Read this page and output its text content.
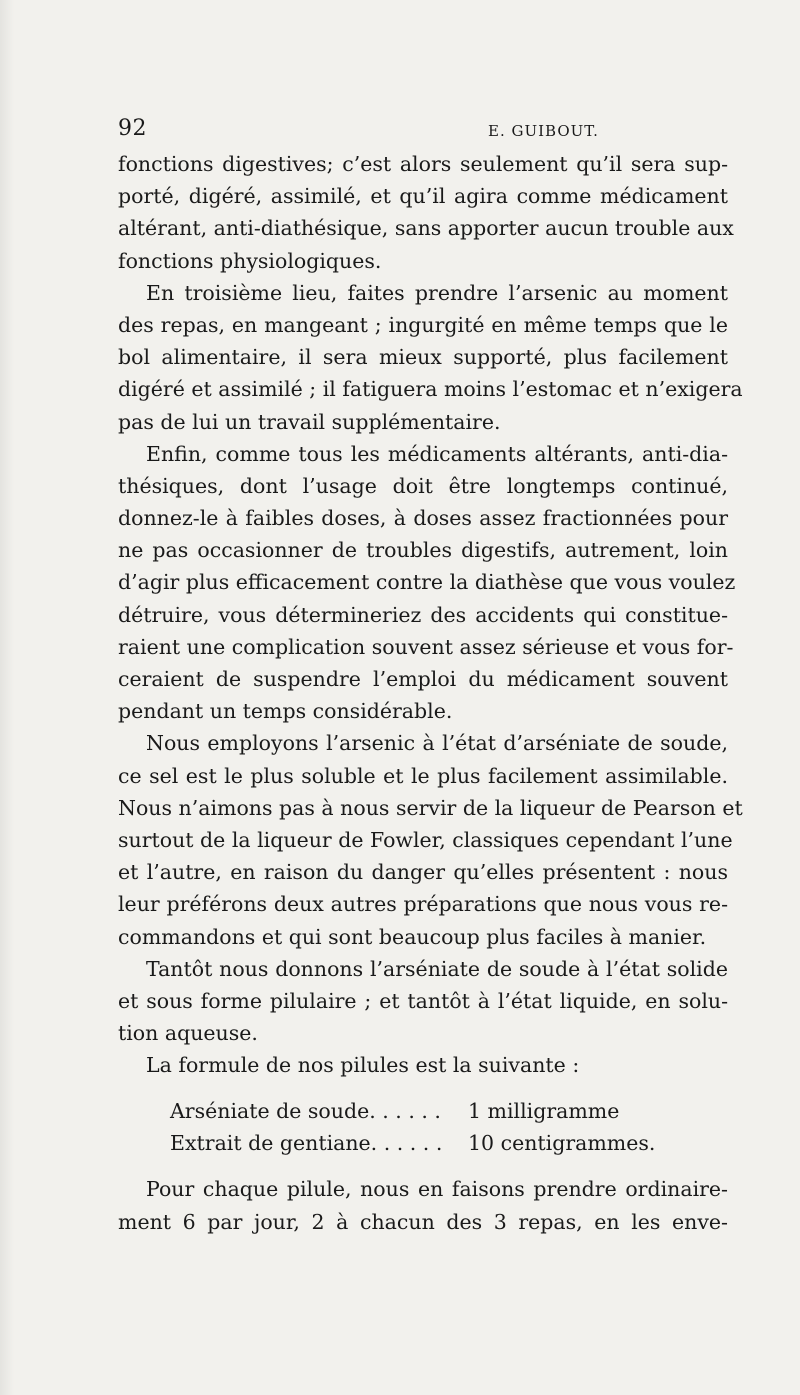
92	E. GUIBOUT.
fonctions digestives; c’est alors seulement qu’il sera sup-
porté, digéré, assimilé, et qu’il agira comme médicament
altérant, anti-diathésique, sans apporter aucun trouble aux
fonctions physiologiques.
En troisième lieu, faites prendre l’arsenic au moment
des repas, en mangeant ; ingurgité en même temps que le
bol alimentaire, il sera mieux supporté, plus facilement
digéré et assimilé ; il fatiguera moins l’estomac et n’exigera
pas de lui un travail supplémentaire.
Enfin, comme tous les médicaments altérants, anti-dia-
thésiques, dont l’usage doit être longtemps continué,
donnez-le à faibles doses, à doses assez fractionnées pour
ne pas occasionner de troubles digestifs, autrement, loin
d’agir plus efficacement contre la diathèse que vous voulez
détruire, vous détermineriez des accidents qui constitue-
raient une complication souvent assez sérieuse et vous for-
ceraient de suspendre l’emploi du médicament souvent
pendant un temps considérable.
Nous employons l’arsenic à l’état d’arséniate de soude,
ce sel est le plus soluble et le plus facilement assimilable.
Nous n’aimons pas à nous servir de la liqueur de Pearson et
surtout de la liqueur de Fowler, classiques cependant l’une
et l’autre, en raison du danger qu’elles présentent : nous
leur préférons deux autres préparations que nous vous re-
commandons et qui sont beaucoup plus faciles à manier.
Tantôt nous donnons l’arséniate de soude à l’état solide
et sous forme pilulaire ; et tantôt à l’état liquide, en solu-
tion aqueuse.
La formule de nos pilules est la suivante :
Arséniate de soude. . . . . .	1 milligramme
Extrait de gentiane. . . . . .	10 centigrammes.
Pour chaque pilule, nous en faisons prendre ordinaire-
ment 6 par jour, 2 à chacun des 3 repas, en les enve-
